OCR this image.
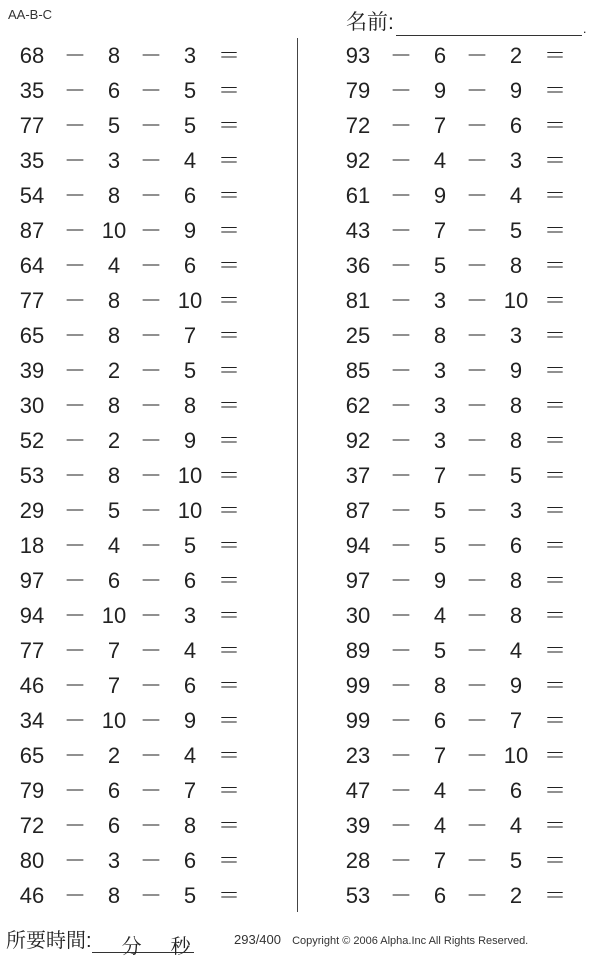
AA-B-C	名前:	.
68 － 8 － 3 ＝
35 － 6 － 5 ＝
77 － 5 － 5 ＝
35 － 3 － 4 ＝
54 － 8 － 6 ＝
87 － 10 － 9 ＝
64 － 4 － 6 ＝
77 － 8 － 10 ＝
65 － 8 － 7 ＝
39 － 2 － 5 ＝
30 － 8 － 8 ＝
52 － 2 － 9 ＝
53 － 8 － 10 ＝
29 － 5 － 10 ＝
18 － 4 － 5 ＝
97 － 6 － 6 ＝
94 － 10 － 3 ＝
77 － 7 － 4 ＝
46 － 7 － 6 ＝
34 － 10 － 9 ＝
65 － 2 － 4 ＝
79 － 6 － 7 ＝
72 － 6 － 8 ＝
80 － 3 － 6 ＝
46 － 8 － 5 ＝
93 － 6 － 2 ＝
79 － 9 － 9 ＝
72 － 7 － 6 ＝
92 － 4 － 3 ＝
61 － 9 － 4 ＝
43 － 7 － 5 ＝
36 － 5 － 8 ＝
81 － 3 － 10 ＝
25 － 8 － 3 ＝
85 － 3 － 9 ＝
62 － 3 － 8 ＝
92 － 3 － 8 ＝
37 － 7 － 5 ＝
87 － 5 － 3 ＝
94 － 5 － 6 ＝
97 － 9 － 8 ＝
30 － 4 － 8 ＝
89 － 5 － 4 ＝
99 － 8 － 9 ＝
99 － 6 － 7 ＝
23 － 7 － 10 ＝
47 － 4 － 6 ＝
39 － 4 － 4 ＝
28 － 7 － 5 ＝
53 － 6 － 2 ＝
所要時間:	分	秒	293/400 Copyright © 2006 Alpha.Inc All Rights Reserved.
